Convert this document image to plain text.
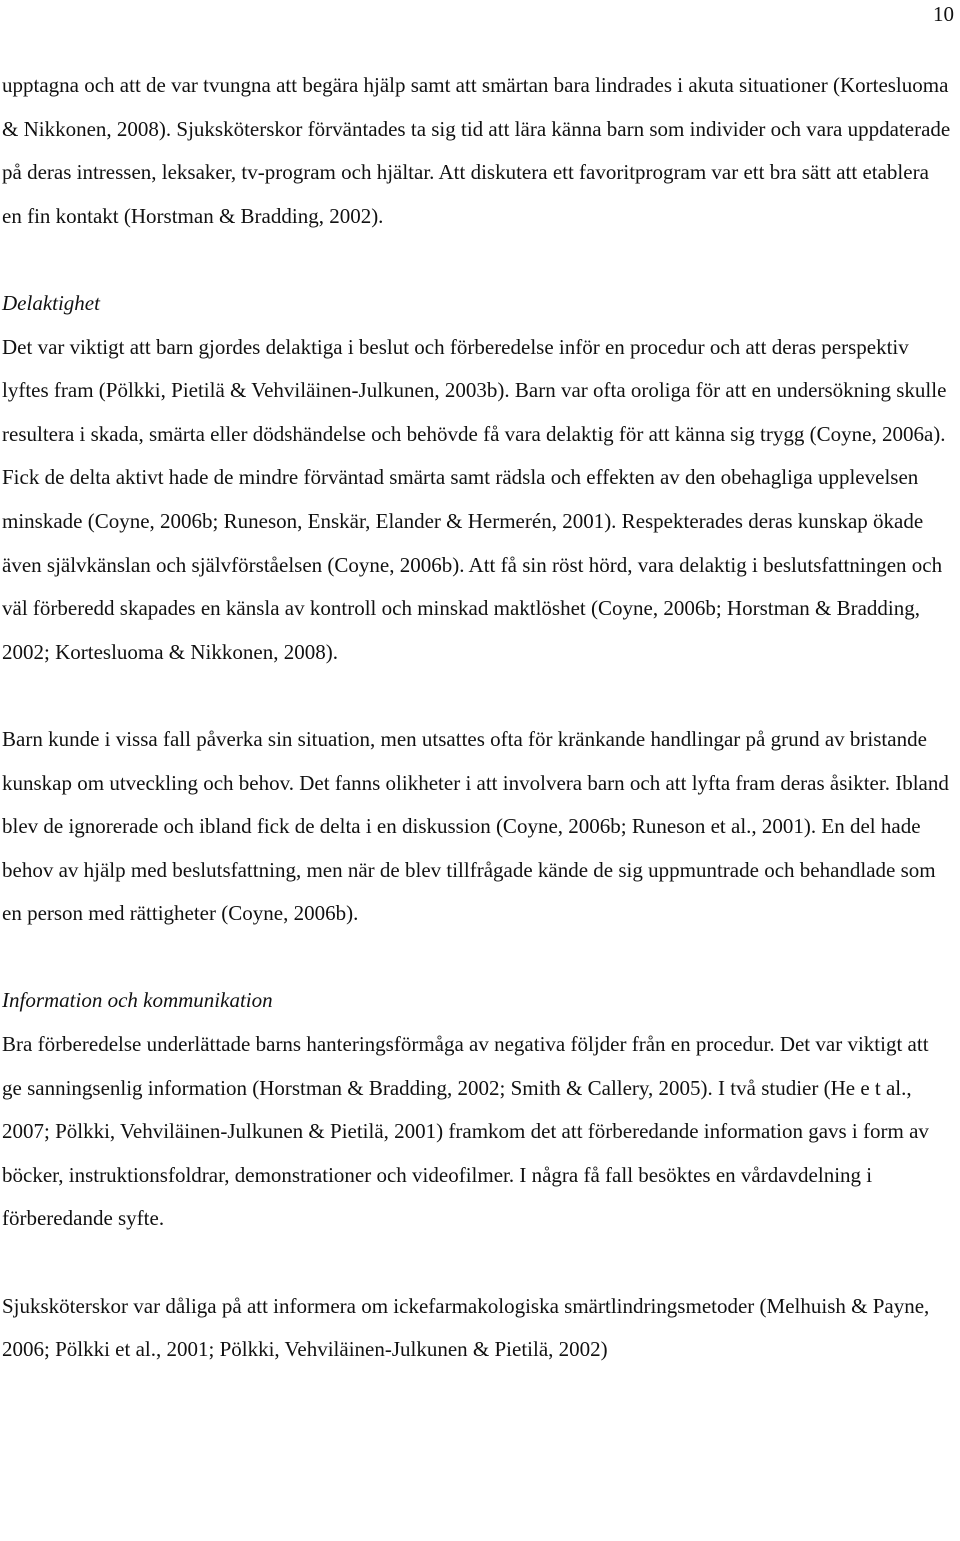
10

upptagna och att de var tvungna att begära hjälp samt att smärtan bara lindrades i akuta situationer (Kortesluoma & Nikkonen, 2008). Sjuksköterskor förväntades ta sig tid att lära känna barn som individer och vara uppdaterade på deras intressen, leksaker, tv-program och hjältar. Att diskutera ett favoritprogram var ett bra sätt att etablera en fin kontakt (Horstman & Bradding, 2002).

Delaktighet

Det var viktigt att barn gjordes delaktiga i beslut och förberedelse inför en procedur och att deras perspektiv lyftes fram (Pölkki, Pietilä & Vehviläinen-Julkunen, 2003b). Barn var ofta oroliga för att en undersökning skulle resultera i skada, smärta eller dödshändelse och behövde få vara delaktig för att känna sig trygg (Coyne, 2006a). Fick de delta aktivt hade de mindre förväntad smärta samt rädsla och effekten av den obehagliga upplevelsen minskade (Coyne, 2006b; Runeson, Enskär, Elander & Hermerén, 2001). Respekterades deras kunskap ökade även självkänslan och självförståelsen (Coyne, 2006b). Att få sin röst hörd, vara delaktig i beslutsfattningen och väl förberedd skapades en känsla av kontroll och minskad maktlöshet (Coyne, 2006b; Horstman & Bradding, 2002; Kortesluoma & Nikkonen, 2008).

Barn kunde i vissa fall påverka sin situation, men utsattes ofta för kränkande handlingar på grund av bristande kunskap om utveckling och behov. Det fanns olikheter i att involvera barn och att lyfta fram deras åsikter. Ibland blev de ignorerade och ibland fick de delta i en diskussion (Coyne, 2006b; Runeson et al., 2001). En del hade behov av hjälp med beslutsfattning, men när de blev tillfrågade kände de sig uppmuntrade och behandlade som en person med rättigheter (Coyne, 2006b).

Information och kommunikation

Bra förberedelse underlättade barns hanteringsförmåga av negativa följder från en procedur. Det var viktigt att ge sanningsenlig information (Horstman & Bradding, 2002; Smith & Callery, 2005). I två studier (He e t al., 2007; Pölkki, Vehviläinen-Julkunen & Pietilä, 2001) framkom det att förberedande information gavs i form av böcker, instruktionsfoldrar, demonstrationer och videofilmer. I några få fall besöktes en vårdavdelning i förberedande syfte.

Sjuksköterskor var dåliga på att informera om ickefarmakologiska smärtlindringsmetoder (Melhuish & Payne, 2006; Pölkki et al., 2001; Pölkki, Vehviläinen-Julkunen & Pietilä, 2002)
